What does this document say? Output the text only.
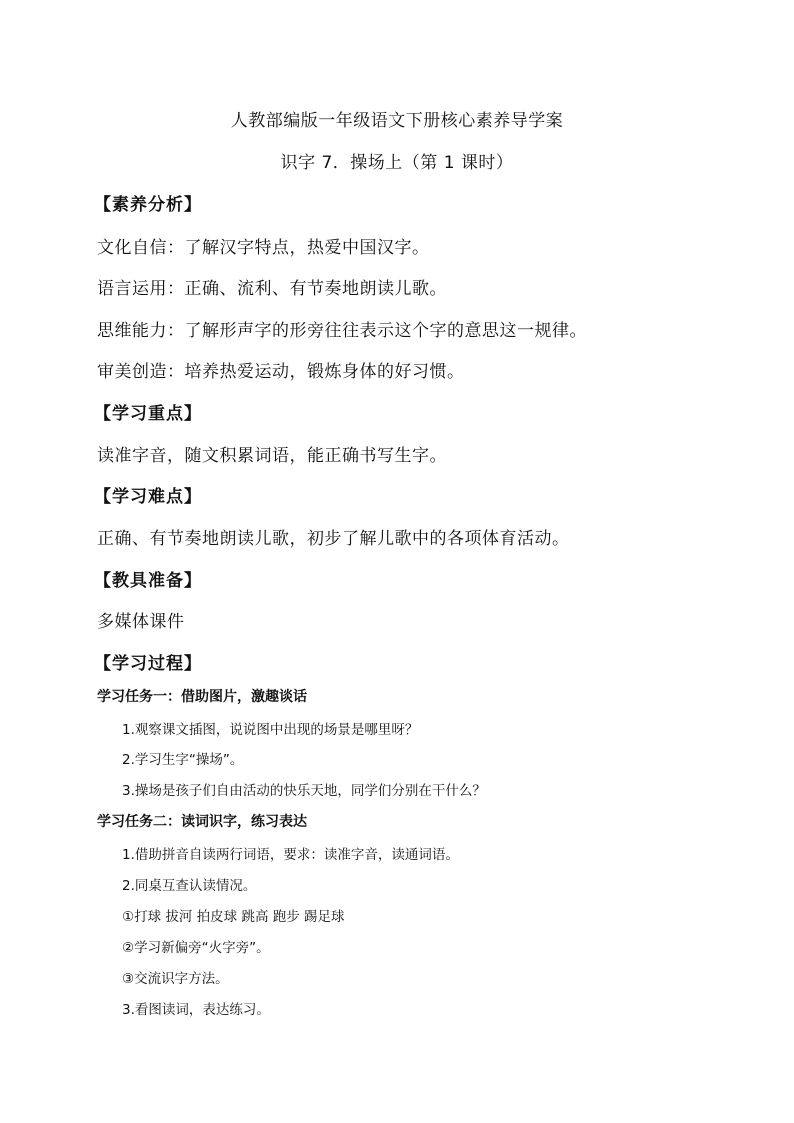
人教部编版一年级语文下册核心素养导学案
识字 7．操场上（第 1 课时）
【素养分析】
文化自信：了解汉字特点，热爱中国汉字。
语言运用：正确、流利、有节奏地朗读儿歌。
思维能力：了解形声字的形旁往往表示这个字的意思这一规律。
审美创造：培养热爱运动，锻炼身体的好习惯。
【学习重点】
读准字音，随文积累词语，能正确书写生字。
【学习难点】
正确、有节奏地朗读儿歌，初步了解儿歌中的各项体育活动。
【教具准备】
多媒体课件
【学习过程】
学习任务一：借助图片，激趣谈话
1.观察课文插图，说说图中出现的场景是哪里呀？
2.学习生字“操场”。
3.操场是孩子们自由活动的快乐天地，同学们分别在干什么？
学习任务二：读词识字，练习表达
1.借助拼音自读两行词语，要求：读准字音，读通词语。
2.同桌互查认读情况。
①打球 拔河 拍皮球 跳高 跑步 踢足球
②学习新偏旁“火字旁”。
③交流识字方法。
3.看图读词，表达练习。
